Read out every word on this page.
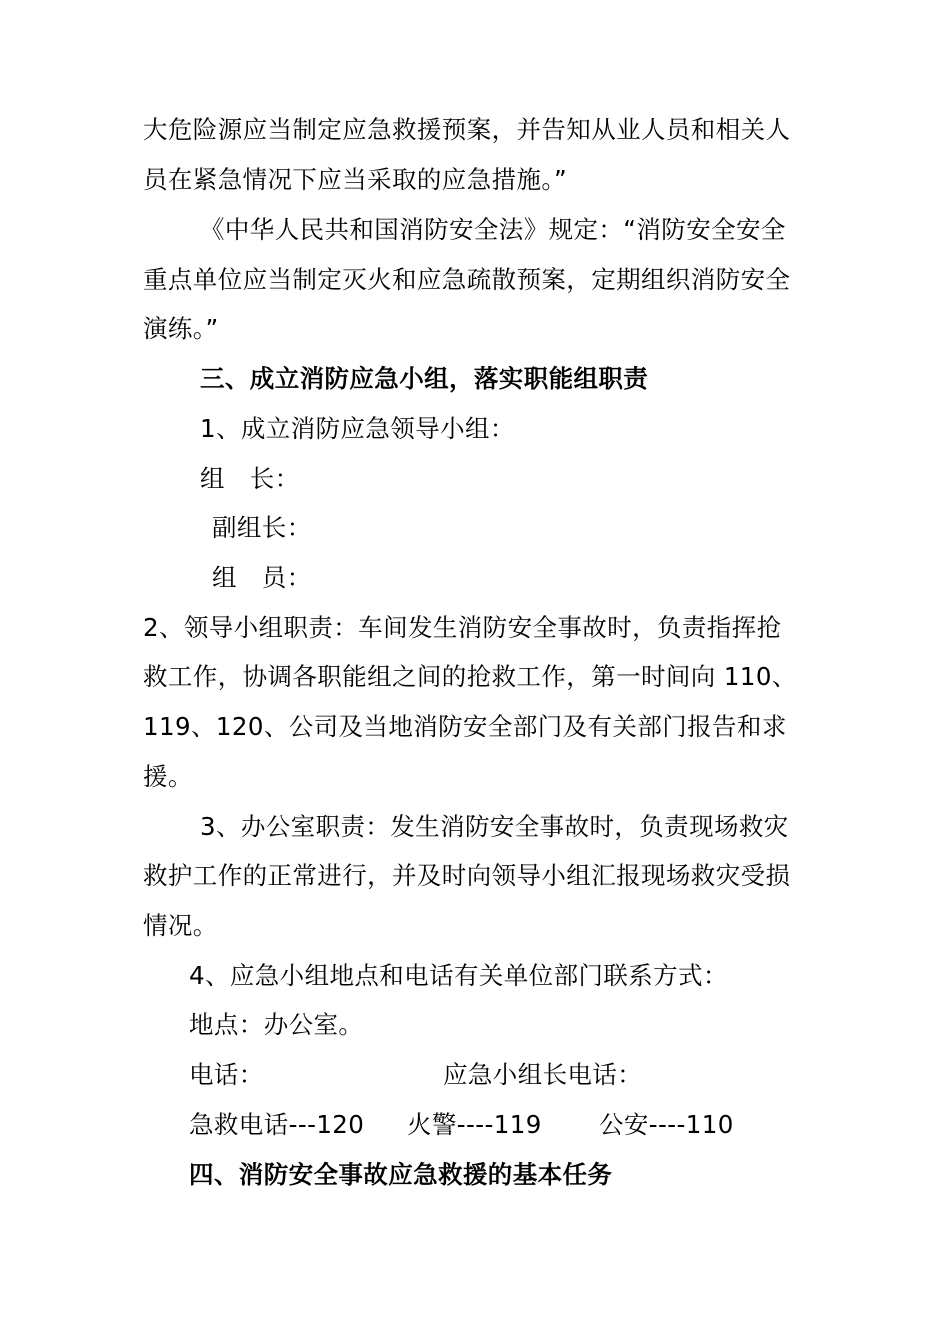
大危险源应当制定应急救援预案，并告知从业人员和相关人
员在紧急情况下应当采取的应急措施。”
《中华人民共和国消防安全法》规定：“消防安全安全
重点单位应当制定灭火和应急疏散预案，定期组织消防安全
演练。”
三、成立消防应急小组，落实职能组职责
1、成立消防应急领导小组：
组　长：
副组长：
组　员：
2、领导小组职责：车间发生消防安全事故时，负责指挥抢
救工作，协调各职能组之间的抢救工作，第一时间向 110、
119、120、公司及当地消防安全部门及有关部门报告和求
援。
3、办公室职责：发生消防安全事故时，负责现场救灾
救护工作的正常进行，并及时向领导小组汇报现场救灾受损
情况。
4、应急小组地点和电话有关单位部门联系方式：
地点：办公室。
电话：	应急小组长电话：
急救电话---120 火警----119 公安----110
四、消防安全事故应急救援的基本任务
